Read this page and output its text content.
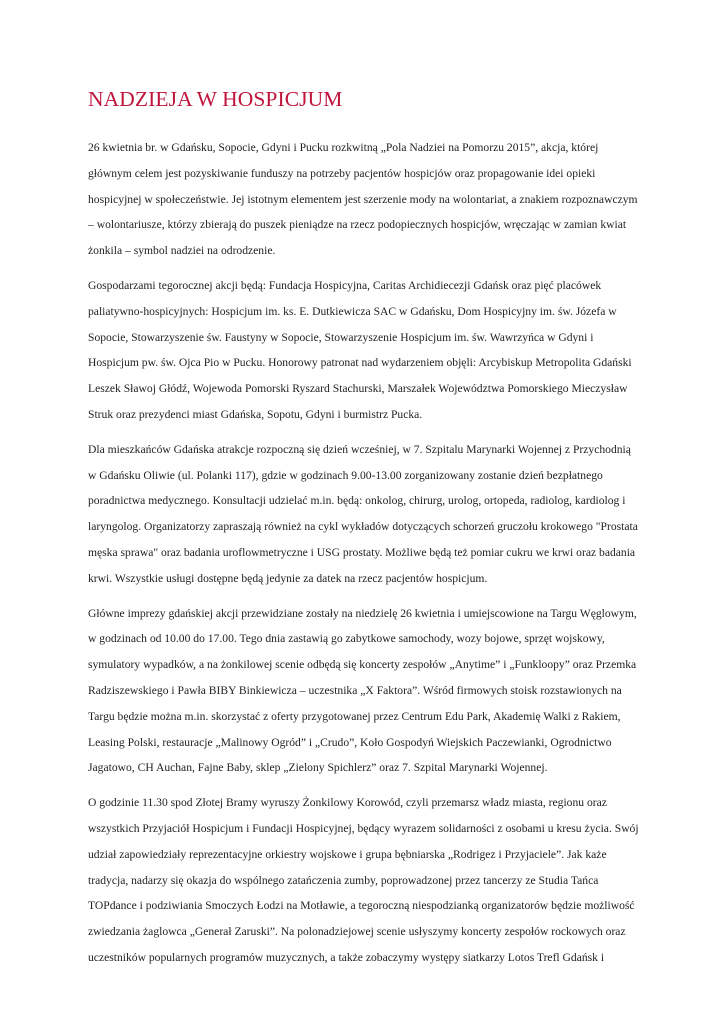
NADZIEJA W HOSPICJUM

26 kwietnia br. w Gdańsku, Sopocie, Gdyni i Pucku rozkwitną „Pola Nadziei na Pomorzu 2015”, akcja, której
głównym celem jest pozyskiwanie funduszy na potrzeby pacjentów hospicjów oraz propagowanie idei opieki
hospicyjnej w społeczeństwie. Jej istotnym elementem jest szerzenie mody na wolontariat, a znakiem rozpoznawczym
– wolontariusze, którzy zbierają do puszek pieniądze na rzecz podopiecznych hospicjów, wręczając w zamian kwiat
żonkila – symbol nadziei na odrodzenie.

Gospodarzami tegorocznej akcji będą: Fundacja Hospicyjna, Caritas Archidiecezji Gdańsk oraz pięć placówek
paliatywno-hospicyjnych: Hospicjum im. ks. E. Dutkiewicza SAC w Gdańsku, Dom Hospicyjny im. św. Józefa w
Sopocie, Stowarzyszenie św. Faustyny w Sopocie, Stowarzyszenie Hospicjum im. św. Wawrzyńca w Gdyni i
Hospicjum pw. św. Ojca Pio w Pucku. Honorowy patronat nad wydarzeniem objęli: Arcybiskup Metropolita Gdański
Leszek Sławoj Głódź, Wojewoda Pomorski Ryszard Stachurski, Marszałek Województwa Pomorskiego Mieczysław
Struk oraz prezydenci miast Gdańska, Sopotu, Gdyni i burmistrz Pucka.

Dla mieszkańców Gdańska atrakcje rozpoczną się dzień wcześniej, w 7. Szpitalu Marynarki Wojennej z Przychodnią
w Gdańsku Oliwie (ul. Polanki 117), gdzie w godzinach 9.00-13.00 zorganizowany zostanie dzień bezpłatnego
poradnictwa medycznego. Konsultacji udzielać m.in. będą: onkolog, chirurg, urolog, ortopeda, radiolog, kardiolog i
laryngolog. Organizatorzy zapraszają również na cykl wykładów dotyczących schorzeń gruczołu krokowego "Prostata
męska sprawa" oraz badania uroflowmetryczne i USG prostaty. Możliwe będą też pomiar cukru we krwi oraz badania
krwi. Wszystkie usługi dostępne będą jedynie za datek na rzecz pacjentów hospicjum.

Główne imprezy gdańskiej akcji przewidziane zostały na niedzielę 26 kwietnia i umiejscowione na Targu Węglowym,
w godzinach od 10.00 do 17.00. Tego dnia zastawią go zabytkowe samochody, wozy bojowe, sprzęt wojskowy,
symulatory wypadków, a na żonkilowej scenie odbędą się koncerty zespołów „Anytime” i „Funkloopy” oraz Przemka
Radziszewskiego i Pawła BIBY Binkiewicza – uczestnika „X Faktora”. Wśród firmowych stoisk rozstawionych na
Targu będzie można m.in. skorzystać z oferty przygotowanej przez Centrum Edu Park, Akademię Walki z Rakiem,
Leasing Polski, restauracje „Malinowy Ogród” i „Crudo”, Koło Gospodyń Wiejskich Paczewianki, Ogrodnictwo
Jagatowo, CH Auchan, Fajne Baby, sklep „Zielony Spichlerz” oraz 7. Szpital Marynarki Wojennej.

O godzinie 11.30 spod Złotej Bramy wyruszy Żonkilowy Korowód, czyli przemarsz władz miasta, regionu oraz
wszystkich Przyjaciół Hospicjum i Fundacji Hospicyjnej, będący wyrazem solidarności z osobami u kresu życia. Swój
udział zapowiedziały reprezentacyjne orkiestry wojskowe i grupa bębniarska „Rodrigez i Przyjaciele”. Jak każe
tradycja, nadarzy się okazja do wspólnego zatańczenia zumby, poprowadzonej przez tancerzy ze Studia Tańca
TOPdance i podziwiania Smoczych Łodzi na Motławie, a tegoroczną niespodzianką organizatorów będzie możliwość
zwiedzania żaglowca „Generał Zaruski”. Na polonadziejowej scenie usłyszymy koncerty zespołów rockowych oraz
uczestników popularnych programów muzycznych, a także zobaczymy występy siatkarzy Lotos Trefl Gdańsk i
